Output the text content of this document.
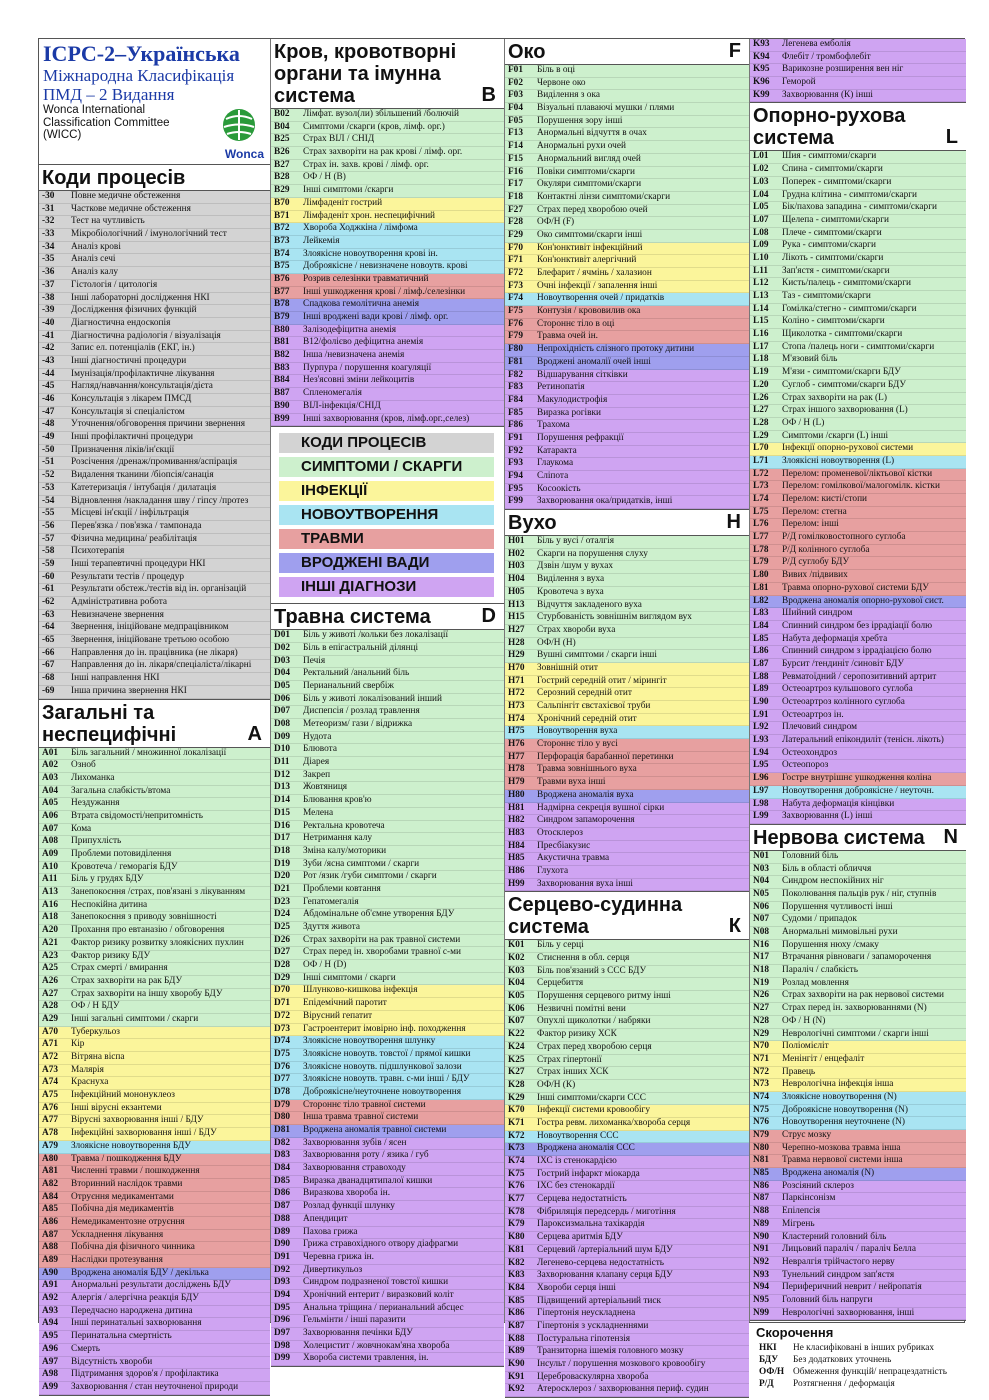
ICPC-2–Українська
Міжнародна Класифікація
ПМД – 2 Видання
Wonca International
Classification Committee
(WICC)
Wonca
Коди процесів
-30	Повне медичне обстеження
-31	Часткове медичне обстеження
-32	Тест на чутливість
-33	Мікробіологічний / імунологічний тест
-34	Аналіз крові
-35	Аналіз сечі
-36	Аналіз калу
-37	Гістологія / цитологія
-38	Інші лабораторні дослідження НКІ
-39	Дослідження фізичних функцій
-40	Діагностична ендоскопія
-41	Діагностична радіологія / візуалізація
-42	Запис ел. потенціалів (ЕКГ, ін.)
-43	Інші діагностичні процедури
-44	Імунізація/профілактичне лікування
-45	Нагляд/навчання/консультація/дієта
-46	Консультація з лікарем ПМСД
-47	Консультація зі спеціалістом
-48	Уточнення/обговорення причини звернення
-49	Інші профілактичні процедури
-50	Призначення ліків/ін'єкції
-51	Розсічення /дренаж/промивання/аспірація
-52	Видалення тканини /біопсія/санація
-53	Катетеризація / інтубація / дилатація
-54	Відновлення /накладання шву / гіпсу /протез
-55	Місцеві ін'єкції / інфільтрація
-56	Перев'язка / пов'язка / тампонада
-57	Фізична медицина/ реабілітація
-58	Психотерапія
-59	Інші терапевтичні процедури НКІ
-60	Результати тестів / процедур
-61	Результати обстеж./тестів від ін. організацій
-62	Адміністративна робота
-63	Невизначене звернення
-64	Звернення, ініційоване медпрацівником
-65	Звернення, ініційоване третьою особою
-66	Направлення до ін. працівника (не лікаря)
-67	Направлення до ін. лікаря/спеціаліста/лікарні
-68	Інші направлення НКІ
-69	Інша причина звернення НКІ
Загальні та неспецифічні	A
A01	Біль загальний / множинної локалізації
A02	Озноб
A03	Лихоманка
A04	Загальна слабкість/втома
A05	Нездужання
A06	Втрата свідомості/непритомність
A07	Кома
A08	Припухлість
A09	Проблеми потовиділення
A10	Кровотеча / геморагія БДУ
A11	Біль у грудях БДУ
A13	Занепокоєння /страх, пов'язані з лікуванням
A16	Неспокійна дитина
A18	Занепокоєння з приводу зовнішності
A20	Прохання про евтаназію / обговорення
A21	Фактор ризику розвитку злоякісних пухлин
A23	Фактор ризику БДУ
A25	Страх смерті / вмирання
A26	Страх захворіти на рак БДУ
A27	Страх захворіти на іншу хворобу БДУ
A28	ОФ / Н БДУ
A29	Інші загальні симптоми / скарги
A70	Туберкульоз
A71	Кір
A72	Вітряна віспа
A73	Малярія
A74	Краснуха
A75	Інфекційний мононуклеоз
A76	Інші вірусні екзантеми
A77	Вірусні захворювання інші / БДУ
A78	Інфекційні захворювання інші / БДУ
A79	Злоякісне новоутворення БДУ
A80	Травма / пошкодження БДУ
A81	Численні травми / пошкодження
A82	Вторинний наслідок травми
A84	Отруєння медикаментами
A85	Побічна дія медикаментів
A86	Немедикаментозне отруєння
A87	Ускладнення лікування
A88	Побічна дія фізичного чинника
A89	Наслідки протезування
A90	Вроджена аномалія БДУ / декілька
A91	Анормальні результати досліджень БДУ
A92	Алергія / алергічна реакція БДУ
A93	Передчасно народжена дитина
A94	Інші перинатальні захворювання
A95	Перинатальна смертність
A96	Смерть
A97	Відсутність хвороби
A98	Підтримання здоров'я / профілактика
A99	Захворювання / стан неуточненої природи
Кров, кровотворні органи та імунна система	B
B02	Лімфат. вузол(ли) збільшений /болючій
B04	Симптоми /скарги (кров, лімф. орг.)
B25	Страх ВІЛ / СНІД
B26	Страх захворіти на рак крові / лімф. орг.
B27	Страх ін. захв. крові / лімф. орг.
B28	ОФ / Н (В)
B29	Інші симптоми /скарги
B70	Лімфаденіт гострий
B71	Лімфаденіт хрон. неспецифічний
B72	Хвороба Ходжкіна / лімфома
B73	Лейкемія
B74	Злоякісне новоутворення крові ін.
B75	Доброякісне / невизначене новоутв. крові
B76	Розрив селезінки травматичний
B77	Інші ушкодження крові / лімф./селезінки
B78	Спадкова гемолітична анемія
B79	Інші вроджені вади крові / лімф. орг.
B80	Залізодефіцитна анемія
B81	В12/фолієво дефіцитна анемія
B82	Інша /невизначена анемія
B83	Пурпура / порушення коагуляції
B84	Нез'ясовні зміни лейкоцитів
B87	Спленомегалія
B90	ВІЛ-інфекція/СНІД
B99	Інші захворювання (кров, лімф.орг.,селез)
КОДИ ПРОЦЕСІВ
СИМПТОМИ / СКАРГИ
ІНФЕКЦІЇ
НОВОУТВОРЕННЯ
ТРАВМИ
ВРОДЖЕНІ ВАДИ
ІНШІ ДІАГНОЗИ
Травна система	D
D01	Біль у животі /кольки без локалізації
D02	Біль в епігастральній ділянці
D03	Печія
D04	Ректальний /анальний біль
D05	Перианальний свербіж
D06	Біль у животі локалізований інший
D07	Диспепсія / розлад травлення
D08	Метеоризм/ гази / відрижка
D09	Нудота
D10	Блювота
D11	Діарея
D12	Закреп
D13	Жовтяниця
D14	Блювання кров'ю
D15	Мелена
D16	Ректальна кровотеча
D17	Нетримання калу
D18	Зміна калу/моторики
D19	Зуби /ясна симптоми / скарги
D20	Рот /язик /губи симптоми / скарги
D21	Проблеми ковтання
D23	Гепатомегалія
D24	Абдомінальне об'ємне утворення БДУ
D25	Здуття живота
D26	Страх захворіти на рак травної системи
D27	Страх перед ін. хворобами травної с-ми
D28	ОФ / Н (D)
D29	Інші симптоми / скарги
D70	Шлунково-кишкова інфекція
D71	Епідемічний паротит
D72	Вірусний гепатит
D73	Гастроентерит імовірно інф. походження
D74	Злоякісне новоутворення шлунку
D75	Злоякісне новоутв. товстої / прямої кишки
D76	Злоякісне новоутв. підшлункової залози
D77	Злоякісне новоутв. травн. с-ми інші / БДУ
D78	Доброякісне/неуточнене новоутворення
D79	Стороннє тіло травної системи
D80	Інша травма травної системи
D81	Вроджена аномалія травної системи
D82	Захворювання зубів / ясен
D83	Захворювання роту / язика / губ
D84	Захворювання стравоходу
D85	Виразка дванадцятипалої кишки
D86	Виразкова хвороба ін.
D87	Розлад функції шлунку
D88	Апендицит
D89	Пахова грижа
D90	Грижа стравохідного отвору діафрагми
D91	Черевна грижа ін.
D92	Дивертикульоз
D93	Синдром подразненої товстої кишки
D94	Хронічний ентерит / виразковий коліт
D95	Анальна тріщина / перианальний абсцес
D96	Гельмінти / інші паразити
D97	Захворювання печінки БДУ
D98	Холецистит / жовчнокам'яна хвороба
D99	Хвороба системи травлення, ін.
Око	F
F01	Біль в оці
F02	Червоне око
F03	Виділення з ока
F04	Візуальні плаваючі мушки / плями
F05	Порушення зору інші
F13	Анормальні відчуття в очах
F14	Анормальні рухи очей
F15	Анормальний вигляд очей
F16	Повіки симптоми/скарги
F17	Окуляри симптоми/скарги
F18	Контактні лінзи симптоми/скарги
F27	Страх перед хворобою очей
F28	ОФ/Н (F)
F29	Око симптоми/скарги інші
F70	Кон'юнктивіт інфекційний
F71	Кон'юнктивіт алергічний
F72	Блефарит / ячмінь / халазион
F73	Очні інфекції / запалення інші
F74	Новоутворення очей / придатків
F75	Контузія / крововилив ока
F76	Стороннє тіло в оці
F79	Травма очей ін.
F80	Непрохідність слізного протоку дитини
F81	Вроджені аномалії очей інші
F82	Відшарування сітківки
F83	Ретинопатія
F84	Макулодистрофія
F85	Виразка рогівки
F86	Трахома
F91	Порушення рефракції
F92	Катаракта
F93	Глаукома
F94	Сліпота
F95	Косоокість
F99	Захворювання ока/придатків, інші
Вухо	H
H01	Біль у вусі / оталгія
H02	Скарги на порушення слуху
H03	Дзвін /шум у вухах
H04	Виділення з вуха
H05	Кровотеча з вуха
H13	Відчуття закладеного вуха
H15	Стурбованість зовнішнім виглядом вух
H27	Страх хвороби вуха
H28	ОФ/Н (Н)
H29	Вушні симптоми / скарги інші
H70	Зовнішній отит
H71	Гострий середній отит / мірингіт
H72	Серозний середній отит
H73	Сальпінгіт євстахієвої труби
H74	Хронічний середній отит
H75	Новоутворення вуха
H76	Стороннє тіло у вусі
H77	Перфорація барабанної перетинки
H78	Травма зовнішнього вуха
H79	Травми вуха інші
H80	Вроджена аномалія вуха
H81	Надмірна секреція вушної сірки
H82	Синдром запаморочення
H83	Отосклероз
H84	Пресбіакузис
H85	Акустична травма
H86	Глухота
H99	Захворювання вуха інші
Серцево-судинна система	К
K01	Біль у серці
K02	Стиснення в обл. серця
K03	Біль пов'язаний з ССС БДУ
K04	Серцебиття
K05	Порушення серцевого ритму інші
K06	Незвичні помітні вени
K07	Опухлі щиколотки / набряки
K22	Фактор ризику ХСК
K24	Страх перед хворобою серця
K25	Страх гіпертонії
K27	Страх інших ХСК
K28	ОФ/Н (К)
K29	Інші симптоми/скарги ССС
K70	Інфекції системи кровообігу
K71	Гостра ревм. лихоманка/хвороба серця
K72	Новоутворення ССС
K73	Вроджена аномалія ССС
K74	ІХС із стенокардією
K75	Гострий інфаркт міокарда
K76	ІХС без стенокардії
K77	Серцева недостатність
K78	Фібриляція передсердь / миготіння
K79	Пароксизмальна тахікардія
K80	Серцева аритмія БДУ
K81	Серцевий /артеріальний шум БДУ
K82	Легенево-серцева недостатність
K83	Захворювання клапану серця БДУ
K84	Хвороби серця інші
K85	Підвищений артеріальний тиск
K86	Гіпертонія неускладнена
K87	Гіпертонія з ускладненнями
K88	Постуральна гіпотензія
K89	Транзиторна ішемія головного мозку
K90	Інсульт / порушення мозкового кровообігу
K91	Цереброваскулярна хвороба
K92	Атеросклероз / захворювання периф. судин
K93	Легенева емболія
K94	Флебіт / тромбофлебіт
K95	Варикозне розширення вен ніг
K96	Геморой
K99	Захворювання (К) інші
Опорно-рухова система	L
L01	Шия - симптоми/скарги
L02	Спина - симптоми/скарги
L03	Поперек - симптоми/скарги
L04	Грудна клітина - симптоми/скарги
L05	Бік/пахова западина - симптоми/скарги
L07	Щелепа - симптоми/скарги
L08	Плече - симптоми/скарги
L09	Рука - симптоми/скарги
L10	Лікоть - симптоми/скарги
L11	Зап'ястя - симптоми/скарги
L12	Кисть/палець - симптоми/скарги
L13	Таз - симптоми/скарги
L14	Гомілка/стегно - симптоми/скарги
L15	Коліно - симптоми/скарги
L16	Щиколотка - симптоми/скарги
L17	Стопа /палець ноги - симптоми/скарги
L18	М'язовий біль
L19	М'язи - симптоми/скарги БДУ
L20	Суглоб - симптоми/скарги БДУ
L26	Страх захворіти на рак (L)
L27	Страх іншого захворювання (L)
L28	ОФ / Н (L)
L29	Симптоми /скарги (L) інші
L70	Інфекції опорно-рухової системи
L71	Злоякісні новоутворення (L)
L72	Перелом: променевої/ліктьової кістки
L73	Перелом: гомілкової/малогомілк. кістки
L74	Перелом: кисті/стопи
L75	Перелом: стегна
L76	Перелом: інші
L77	Р/Д гомілковостопного суглоба
L78	Р/Д колінного суглоба
L79	Р/Д суглобу БДУ
L80	Вивих /підвивих
L81	Травма опорно-рухової системи БДУ
L82	Вроджена аномалія опорно-рухової сист.
L83	Шийний синдром
L84	Спинний синдром без іррадіації болю
L85	Набута деформація хребта
L86	Спинний синдром з іррадіацією болю
L87	Бурсит /тендиніт /синовіт БДУ
L88	Ревматоїдний / серопозитивний артрит
L89	Остеоартроз кульшового суглоба
L90	Остеоартроз колінного суглоба
L91	Остеоартроз ін.
L92	Плечовий синдром
L93	Латеральний епікондиліт (тенісн. лікоть)
L94	Остеохондроз
L95	Остеопороз
L96	Гостре внутрішнє ушкодження коліна
L97	Новоутворення доброякісне / неуточн.
L98	Набута деформація кінцівки
L99	Захворювання (L) інші
Нервова система N
N01	Головний біль
N03	Біль в області обличчя
N04	Синдром неспокійних ніг
N05	Поколювання пальців рук / ніг, ступнів
N06	Порушення чутливості інші
N07	Судоми / припадок
N08	Анормальні мимовільні рухи
N16	Порушення нюху /смаку
N17	Втрачання рівноваги / запаморочення
N18	Параліч / слабкість
N19	Розлад мовлення
N26	Страх захворіти на рак нервової системи
N27	Страх перед ін. захворюваннями (N)
N28	ОФ / Н (N)
N29	Неврологічні симптоми / скарги інші
N70	Поліомієліт
N71	Менінгіт / енцефаліт
N72	Правець
N73	Неврологічна інфекція інша
N74	Злоякісне новоутворення (N)
N75	Доброякісне новоутворення (N)
N76	Новоутворення неуточнене (N)
N79	Струс мозку
N80	Черепно-мозкова травма інша
N81	Травма нервової системи інша
N85	Вроджена аномалія (N)
N86	Розсіяний склероз
N87	Паркінсонізм
N88	Епілепсія
N89	Мігрень
N90	Кластерний головний біль
N91	Лицьовий параліч / параліч Белла
N92	Невралгія трійчастого нерву
N93	Тунельний синдром зап'ястя
N94	Периферичний неврит / нейропатія
N95	Головний біль напруги
N99	Неврологічні захворювання, інші
Скорочення
НКІ	Не класифіковані в інших рубриках
БДУ	Без додаткових уточнень
ОФ/Н Обмеження функцій/ непрацездатність
Р/Д	Розтягнення / деформація
